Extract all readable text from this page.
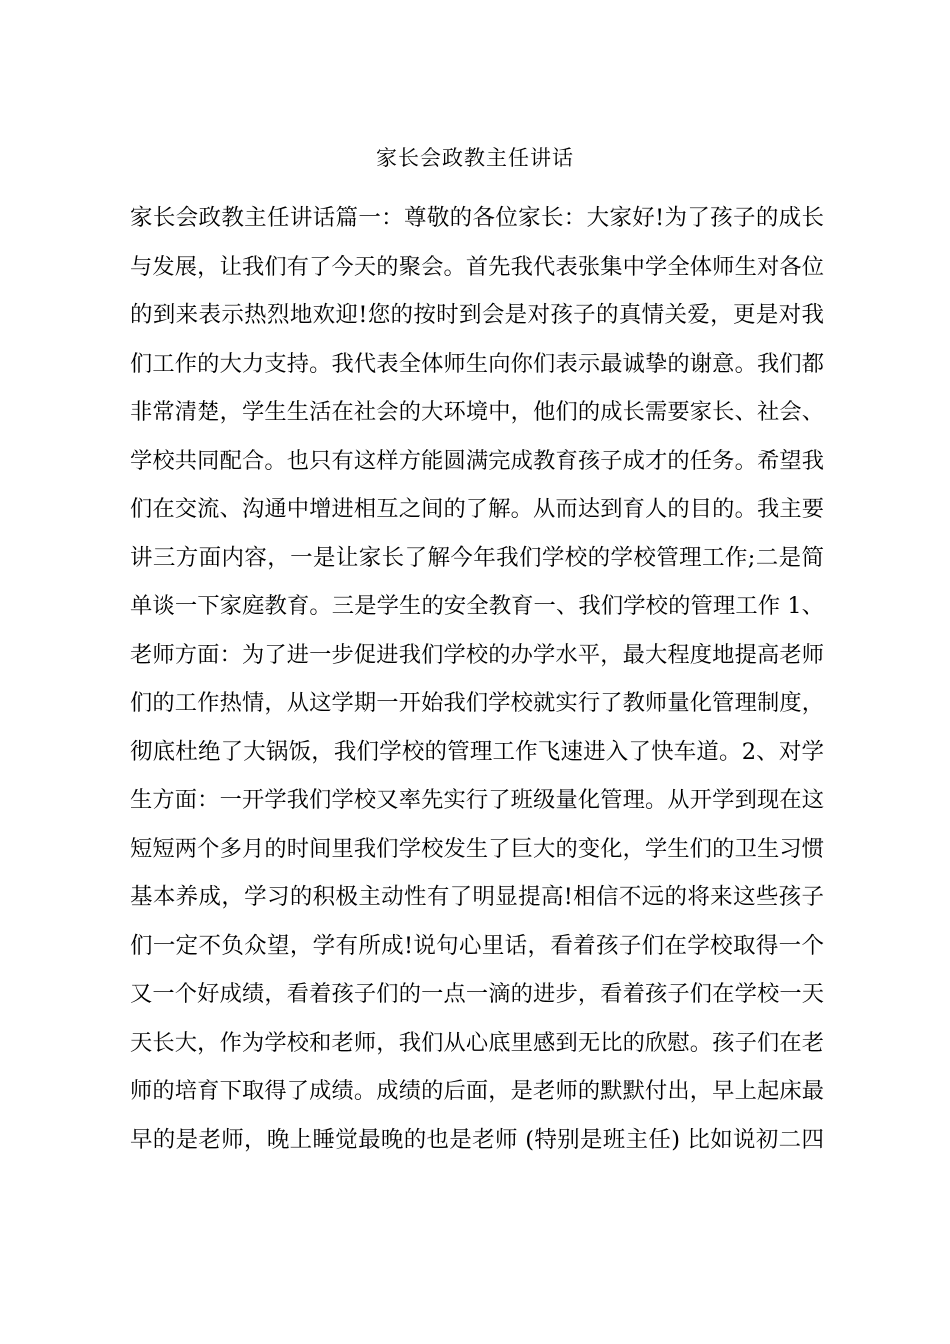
家长会政教主任讲话
家长会政教主任讲话篇一：尊敬的各位家长：大家好!为了孩子的成长
与发展，让我们有了今天的聚会。首先我代表张集中学全体师生对各位
的到来表示热烈地欢迎!您的按时到会是对孩子的真情关爱，更是对我
们工作的大力支持。我代表全体师生向你们表示最诚挚的谢意。我们都
非常清楚，学生生活在社会的大环境中，他们的成长需要家长、社会、
学校共同配合。也只有这样方能圆满完成教育孩子成才的任务。希望我
们在交流、沟通中增进相互之间的了解。从而达到育人的目的。我主要
讲三方面内容，一是让家长了解今年我们学校的学校管理工作;二是简
单谈一下家庭教育。三是学生的安全教育一、我们学校的管理工作 1、
老师方面：为了进一步促进我们学校的办学水平，最大程度地提高老师
们的工作热情，从这学期一开始我们学校就实行了教师量化管理制度，
彻底杜绝了大锅饭，我们学校的管理工作飞速进入了快车道。2、对学
生方面：一开学我们学校又率先实行了班级量化管理。从开学到现在这
短短两个多月的时间里我们学校发生了巨大的变化，学生们的卫生习惯
基本养成，学习的积极主动性有了明显提高!相信不远的将来这些孩子
们一定不负众望，学有所成!说句心里话，看着孩子们在学校取得一个
又一个好成绩，看着孩子们的一点一滴的进步，看着孩子们在学校一天
天长大，作为学校和老师，我们从心底里感到无比的欣慰。孩子们在老
师的培育下取得了成绩。成绩的后面，是老师的默默付出，早上起床最
早的是老师，晚上睡觉最晚的也是老师 (特别是班主任) 比如说初二四
